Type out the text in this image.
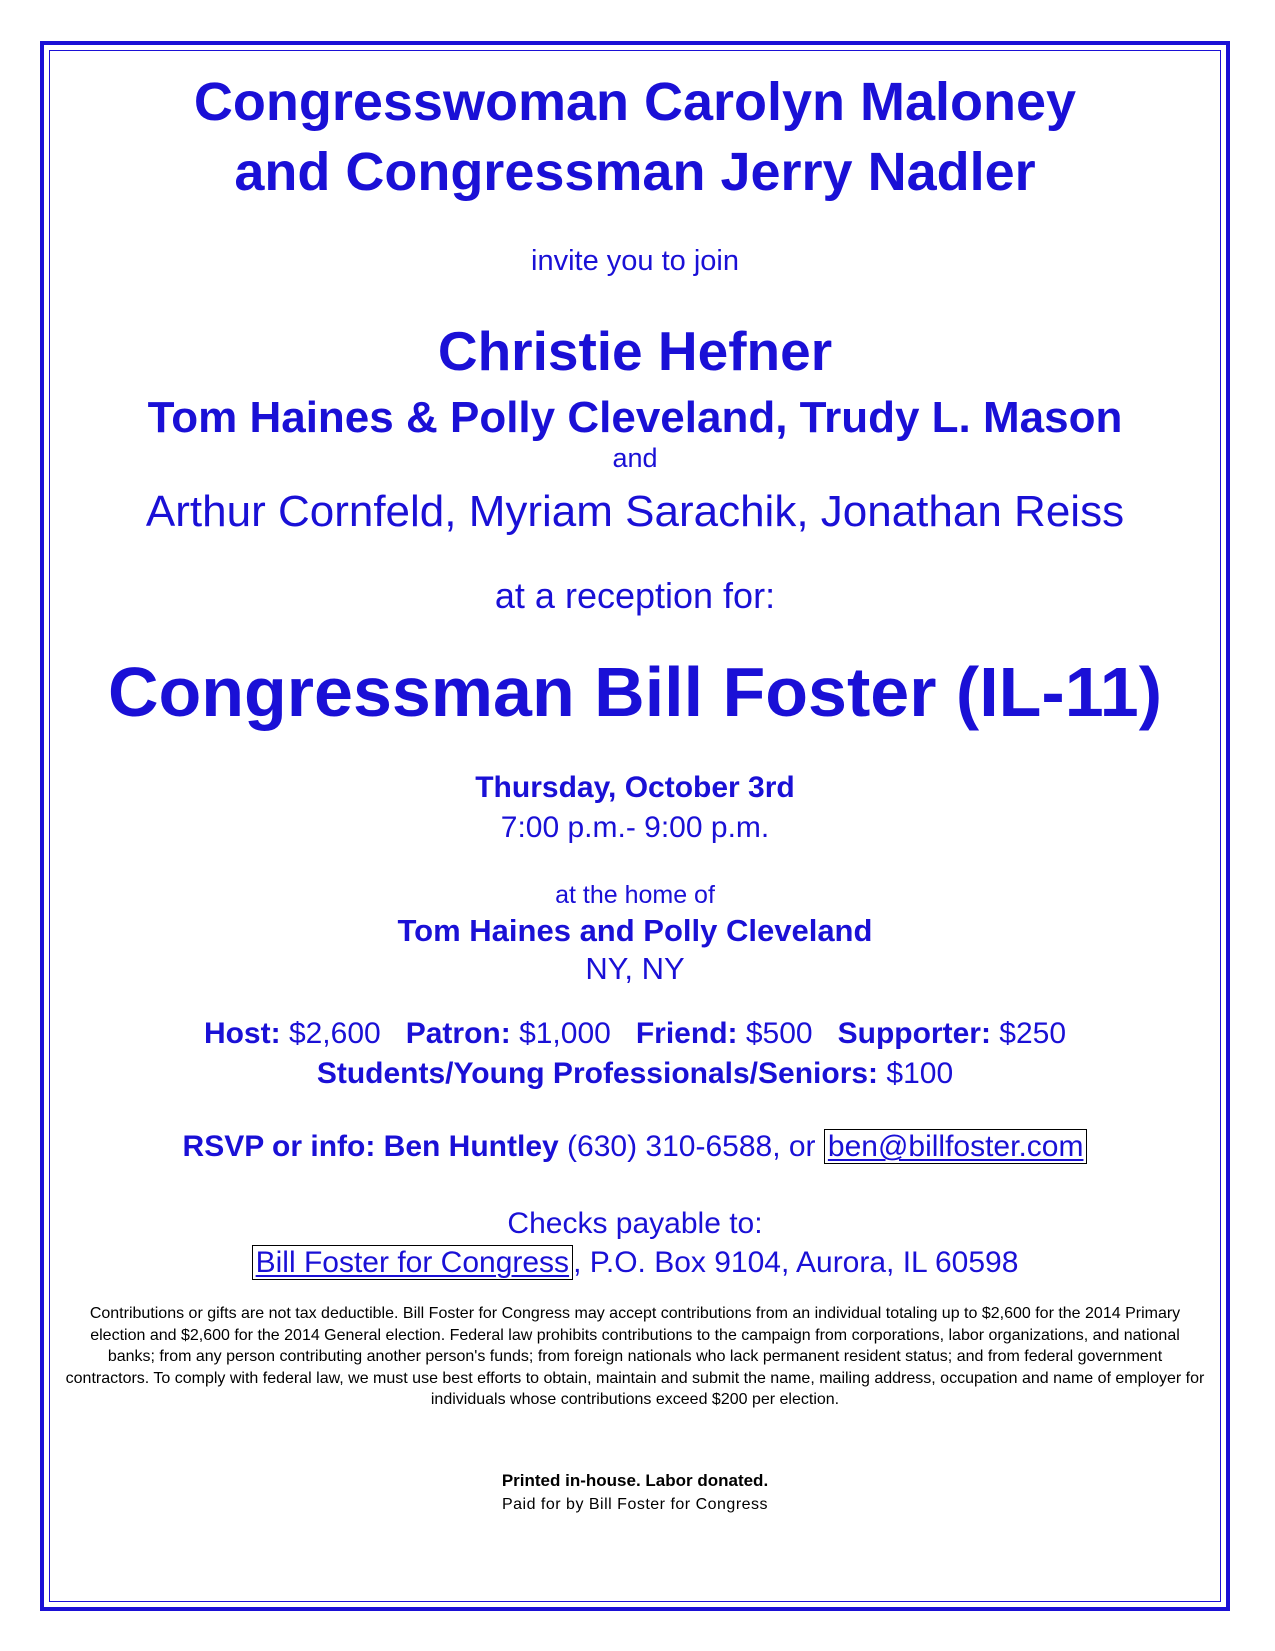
Congresswoman Carolyn Maloney
and Congressman Jerry Nadler
invite you to join
Christie Hefner
Tom Haines & Polly Cleveland, Trudy L. Mason
and
Arthur Cornfeld, Myriam Sarachik, Jonathan Reiss
at a reception for:
Congressman Bill Foster (IL-11)
Thursday, October 3rd
7:00 p.m.- 9:00 p.m.
at the home of
Tom Haines and Polly Cleveland
NY, NY
Host: $2,600 Patron: $1,000 Friend: $500 Supporter: $250
Students/Young Professionals/Seniors: $100
RSVP or info: Ben Huntley (630) 310-6588, or ben@billfoster.com
Checks payable to:
Bill Foster for Congress , P.O. Box 9104, Aurora, IL 60598
Contributions or gifts are not tax deductible. Bill Foster for Congress may accept contributions from an individual totaling up to $2,600 for the 2014 Primary election and $2,600 for the 2014 General election. Federal law prohibits contributions to the campaign from corporations, labor organizations, and national banks; from any person contributing another person's funds; from foreign nationals who lack permanent resident status; and from federal government contractors. To comply with federal law, we must use best efforts to obtain, maintain and submit the name, mailing address, occupation and name of employer for individuals whose contributions exceed $200 per election.
Printed in-house. Labor donated.
Paid for by Bill Foster for Congress
